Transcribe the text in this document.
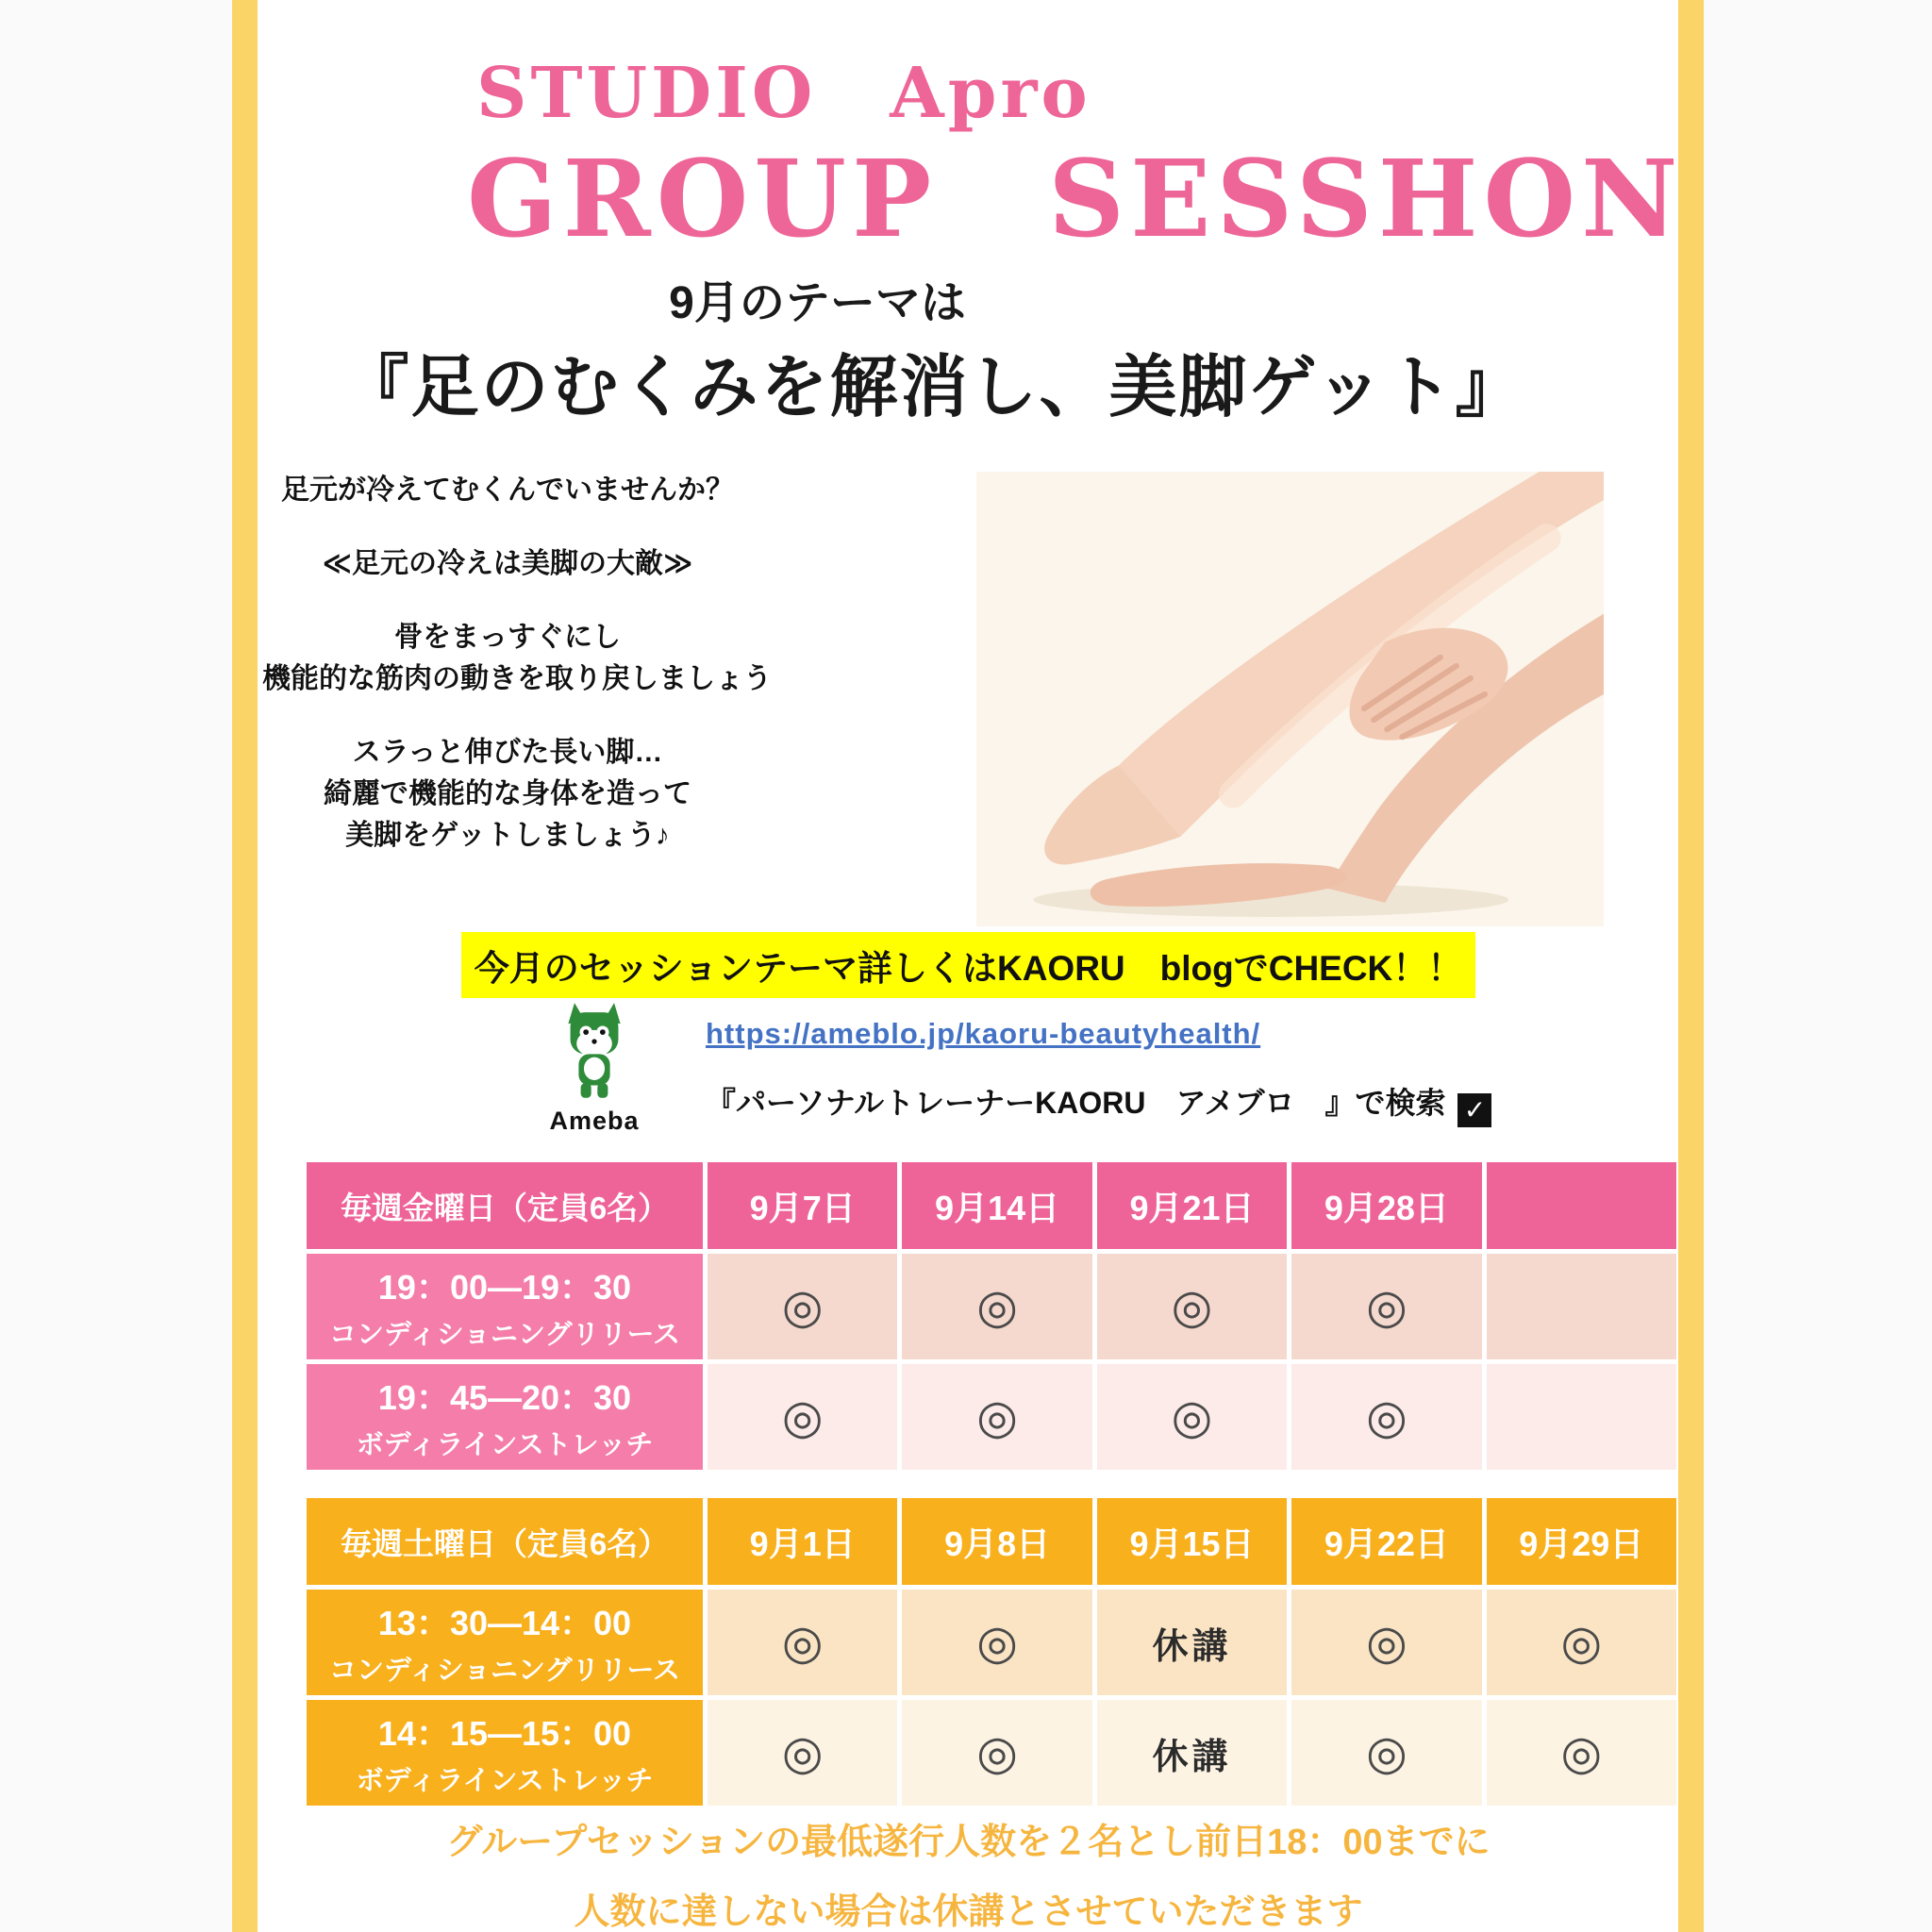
STUDIO　Apro
GROUP　SESSHON
9月のテーマは
『足のむくみを解消し、美脚ゲット』
足元が冷えてむくんでいませんか？
≪足元の冷えは美脚の大敵≫
骨をまっすぐにし
機能的な筋肉の動きを取り戻しましょう
スラっと伸びた長い脚…
綺麗で機能的な身体を造って
美脚をゲットしましょう♪
今月のセッションテーマ詳しくはKAORU　blogでCHECK！！
Ameba
https://ameblo.jp/kaoru-beautyhealth/
『パーソナルトレーナーKAORU　アメブロ　』で検索 ✓
毎週金曜日（定員6名）	9月7日	9月14日	9月21日	9月28日
19：00—19：30
コンディショニングリリース
◎	◎	◎	◎
19：45—20：30
ボディラインストレッチ
◎	◎	◎	◎
毎週土曜日（定員6名）	9月1日	9月8日	9月15日	9月22日	9月29日
13：30—14：00
コンディショニングリリース
◎	◎	休講	◎	◎
14：15—15：00
ボディラインストレッチ
◎	◎	休講	◎	◎
グループセッションの最低遂行人数を２名とし前日18：00までに
人数に達しない場合は休講とさせていただきます
